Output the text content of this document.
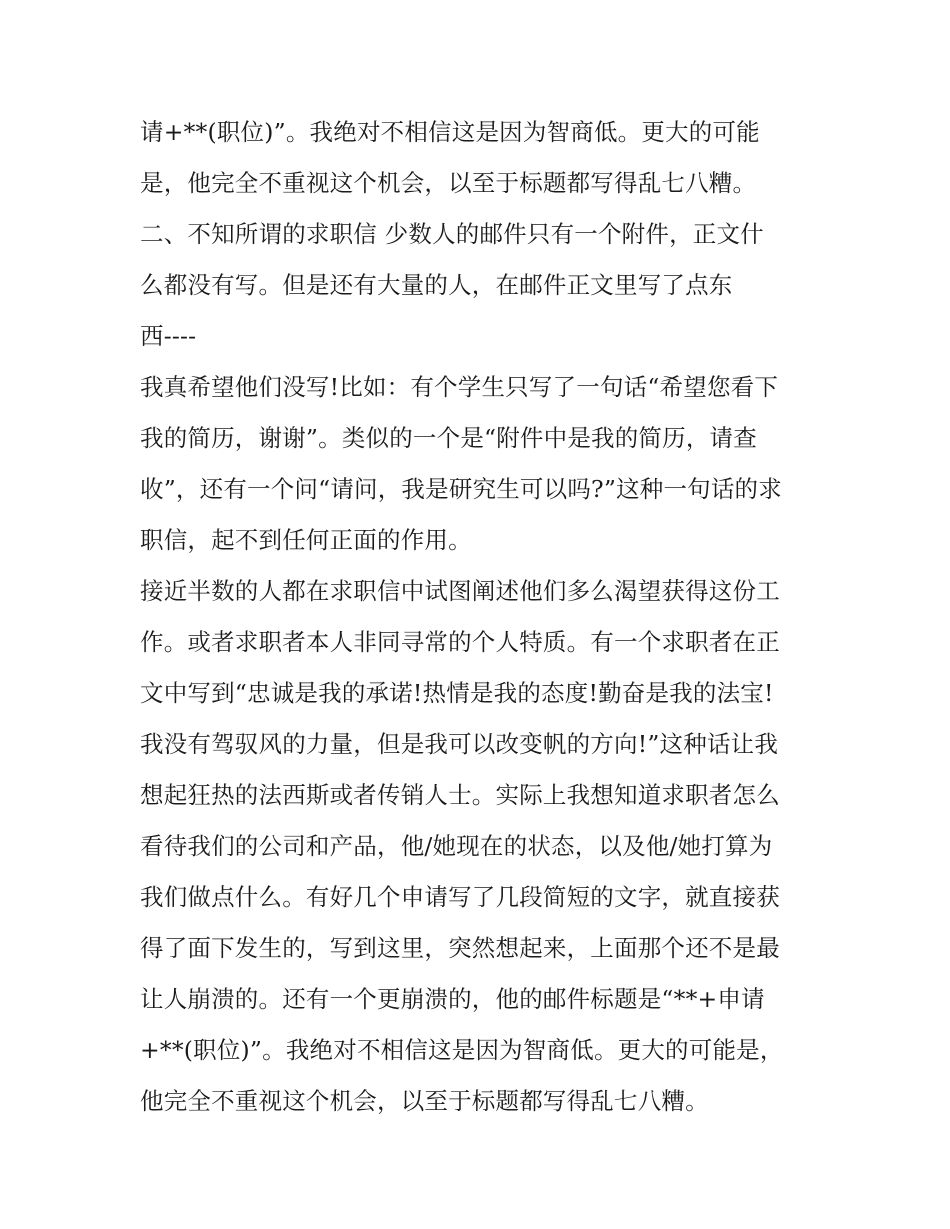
请+**(职位)”。我绝对不相信这是因为智商低。更大的可能
是，他完全不重视这个机会，以至于标题都写得乱七八糟。
二、不知所谓的求职信 少数人的邮件只有一个附件，正文什
么都没有写。但是还有大量的人，在邮件正文里写了点东
西----
我真希望他们没写!比如：有个学生只写了一句话“希望您看下
我的简历，谢谢”。类似的一个是“附件中是我的简历，请查
收”，还有一个问“请问，我是研究生可以吗?”这种一句话的求
职信，起不到任何正面的作用。
接近半数的人都在求职信中试图阐述他们多么渴望获得这份工
作。或者求职者本人非同寻常的个人特质。有一个求职者在正
文中写到“忠诚是我的承诺!热情是我的态度!勤奋是我的法宝!
我没有驾驭风的力量，但是我可以改变帆的方向!”这种话让我
想起狂热的法西斯或者传销人士。实际上我想知道求职者怎么
看待我们的公司和产品，他/她现在的状态，以及他/她打算为
我们做点什么。有好几个申请写了几段简短的文字，就直接获
得了面下发生的，写到这里，突然想起来，上面那个还不是最
让人崩溃的。还有一个更崩溃的，他的邮件标题是“**+申请
+**(职位)”。我绝对不相信这是因为智商低。更大的可能是，
他完全不重视这个机会，以至于标题都写得乱七八糟。
